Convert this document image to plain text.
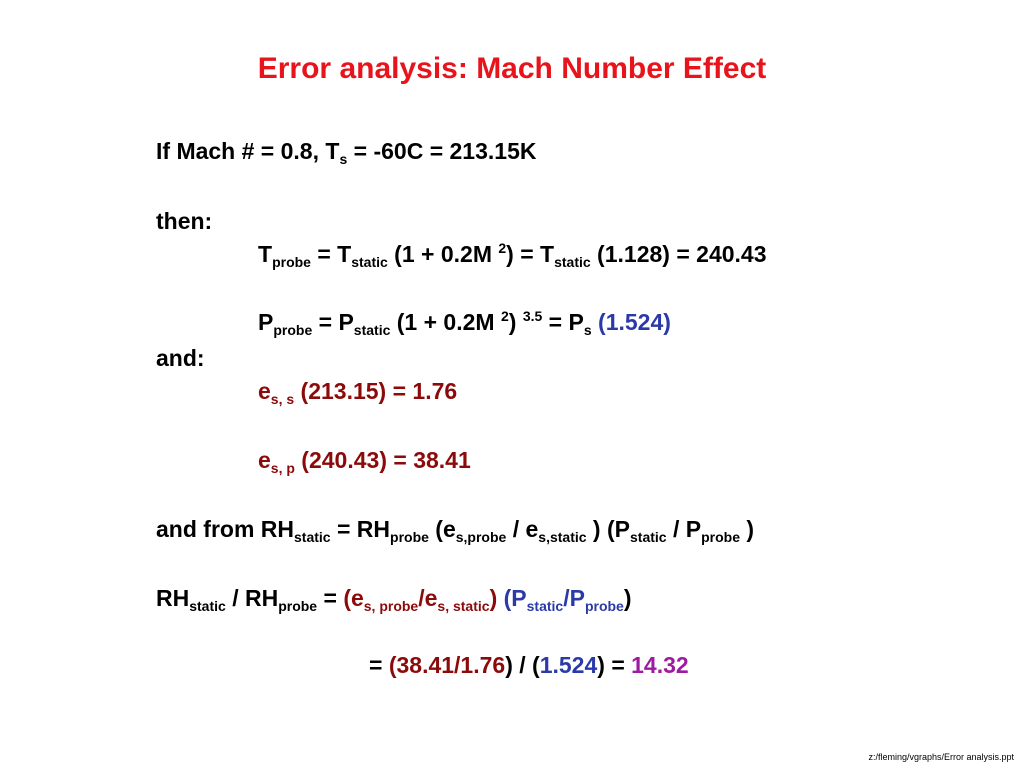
Error analysis: Mach Number Effect
If Mach # = 0.8, $T_s = -60C = 213.15K$
then:
$T_{probe} = T_{static}$ (1 + 0.2M $^2) = T_{static}$ (1.128) = 240.43
$P_{probe} = P_{static}$ (1 + 0.2M $^2$) $^{3.5} = P_s$ (1.524)
and:
$e_{s, s}$ (213.15) = 1.76
$e_{s, p}$ (240.43) = 38.41
and from $RH_{static} = RH_{probe}$ ($e_{s,probe} / e_{s,static}$ ) ($P_{static} / P_{probe}$ )
$RH_{static} / RH_{probe} = (e_{s, probe}/e_{s, static})$ $(P_{static}/P_{probe})$
= (38.41/1.76) / (1.524) = 14.32
z:/fleming/vgraphs/Error analysis.ppt
